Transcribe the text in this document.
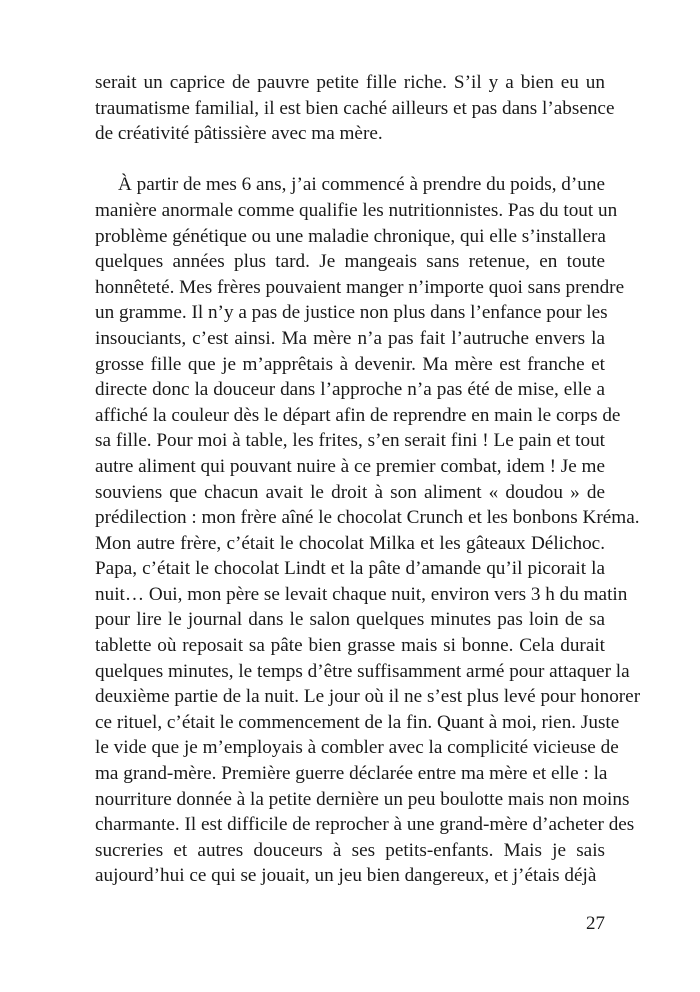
serait un caprice de pauvre petite fille riche. S’il y a bien eu un
traumatisme familial, il est bien caché ailleurs et pas dans l’absence
de créativité pâtissière avec ma mère.
À partir de mes 6 ans, j’ai commencé à prendre du poids, d’une
manière anormale comme qualifie les nutritionnistes. Pas du tout un
problème génétique ou une maladie chronique, qui elle s’installera
quelques années plus tard. Je mangeais sans retenue, en toute
honnêteté. Mes frères pouvaient manger n’importe quoi sans prendre
un gramme. Il n’y a pas de justice non plus dans l’enfance pour les
insouciants, c’est ainsi. Ma mère n’a pas fait l’autruche envers la
grosse fille que je m’apprêtais à devenir. Ma mère est franche et
directe donc la douceur dans l’approche n’a pas été de mise, elle a
affiché la couleur dès le départ afin de reprendre en main le corps de
sa fille. Pour moi à table, les frites, s’en serait fini ! Le pain et tout
autre aliment qui pouvant nuire à ce premier combat, idem ! Je me
souviens que chacun avait le droit à son aliment « doudou » de
prédilection : mon frère aîné le chocolat Crunch et les bonbons Kréma.
Mon autre frère, c’était le chocolat Milka et les gâteaux Délichoc.
Papa, c’était le chocolat Lindt et la pâte d’amande qu’il picorait la
nuit… Oui, mon père se levait chaque nuit, environ vers 3 h du matin
pour lire le journal dans le salon quelques minutes pas loin de sa
tablette où reposait sa pâte bien grasse mais si bonne. Cela durait
quelques minutes, le temps d’être suffisamment armé pour attaquer la
deuxième partie de la nuit. Le jour où il ne s’est plus levé pour honorer
ce rituel, c’était le commencement de la fin. Quant à moi, rien. Juste
le vide que je m’employais à combler avec la complicité vicieuse de
ma grand-mère. Première guerre déclarée entre ma mère et elle : la
nourriture donnée à la petite dernière un peu boulotte mais non moins
charmante. Il est difficile de reprocher à une grand-mère d’acheter des
sucreries et autres douceurs à ses petits-enfants. Mais je sais
aujourd’hui ce qui se jouait, un jeu bien dangereux, et j’étais déjà
27
